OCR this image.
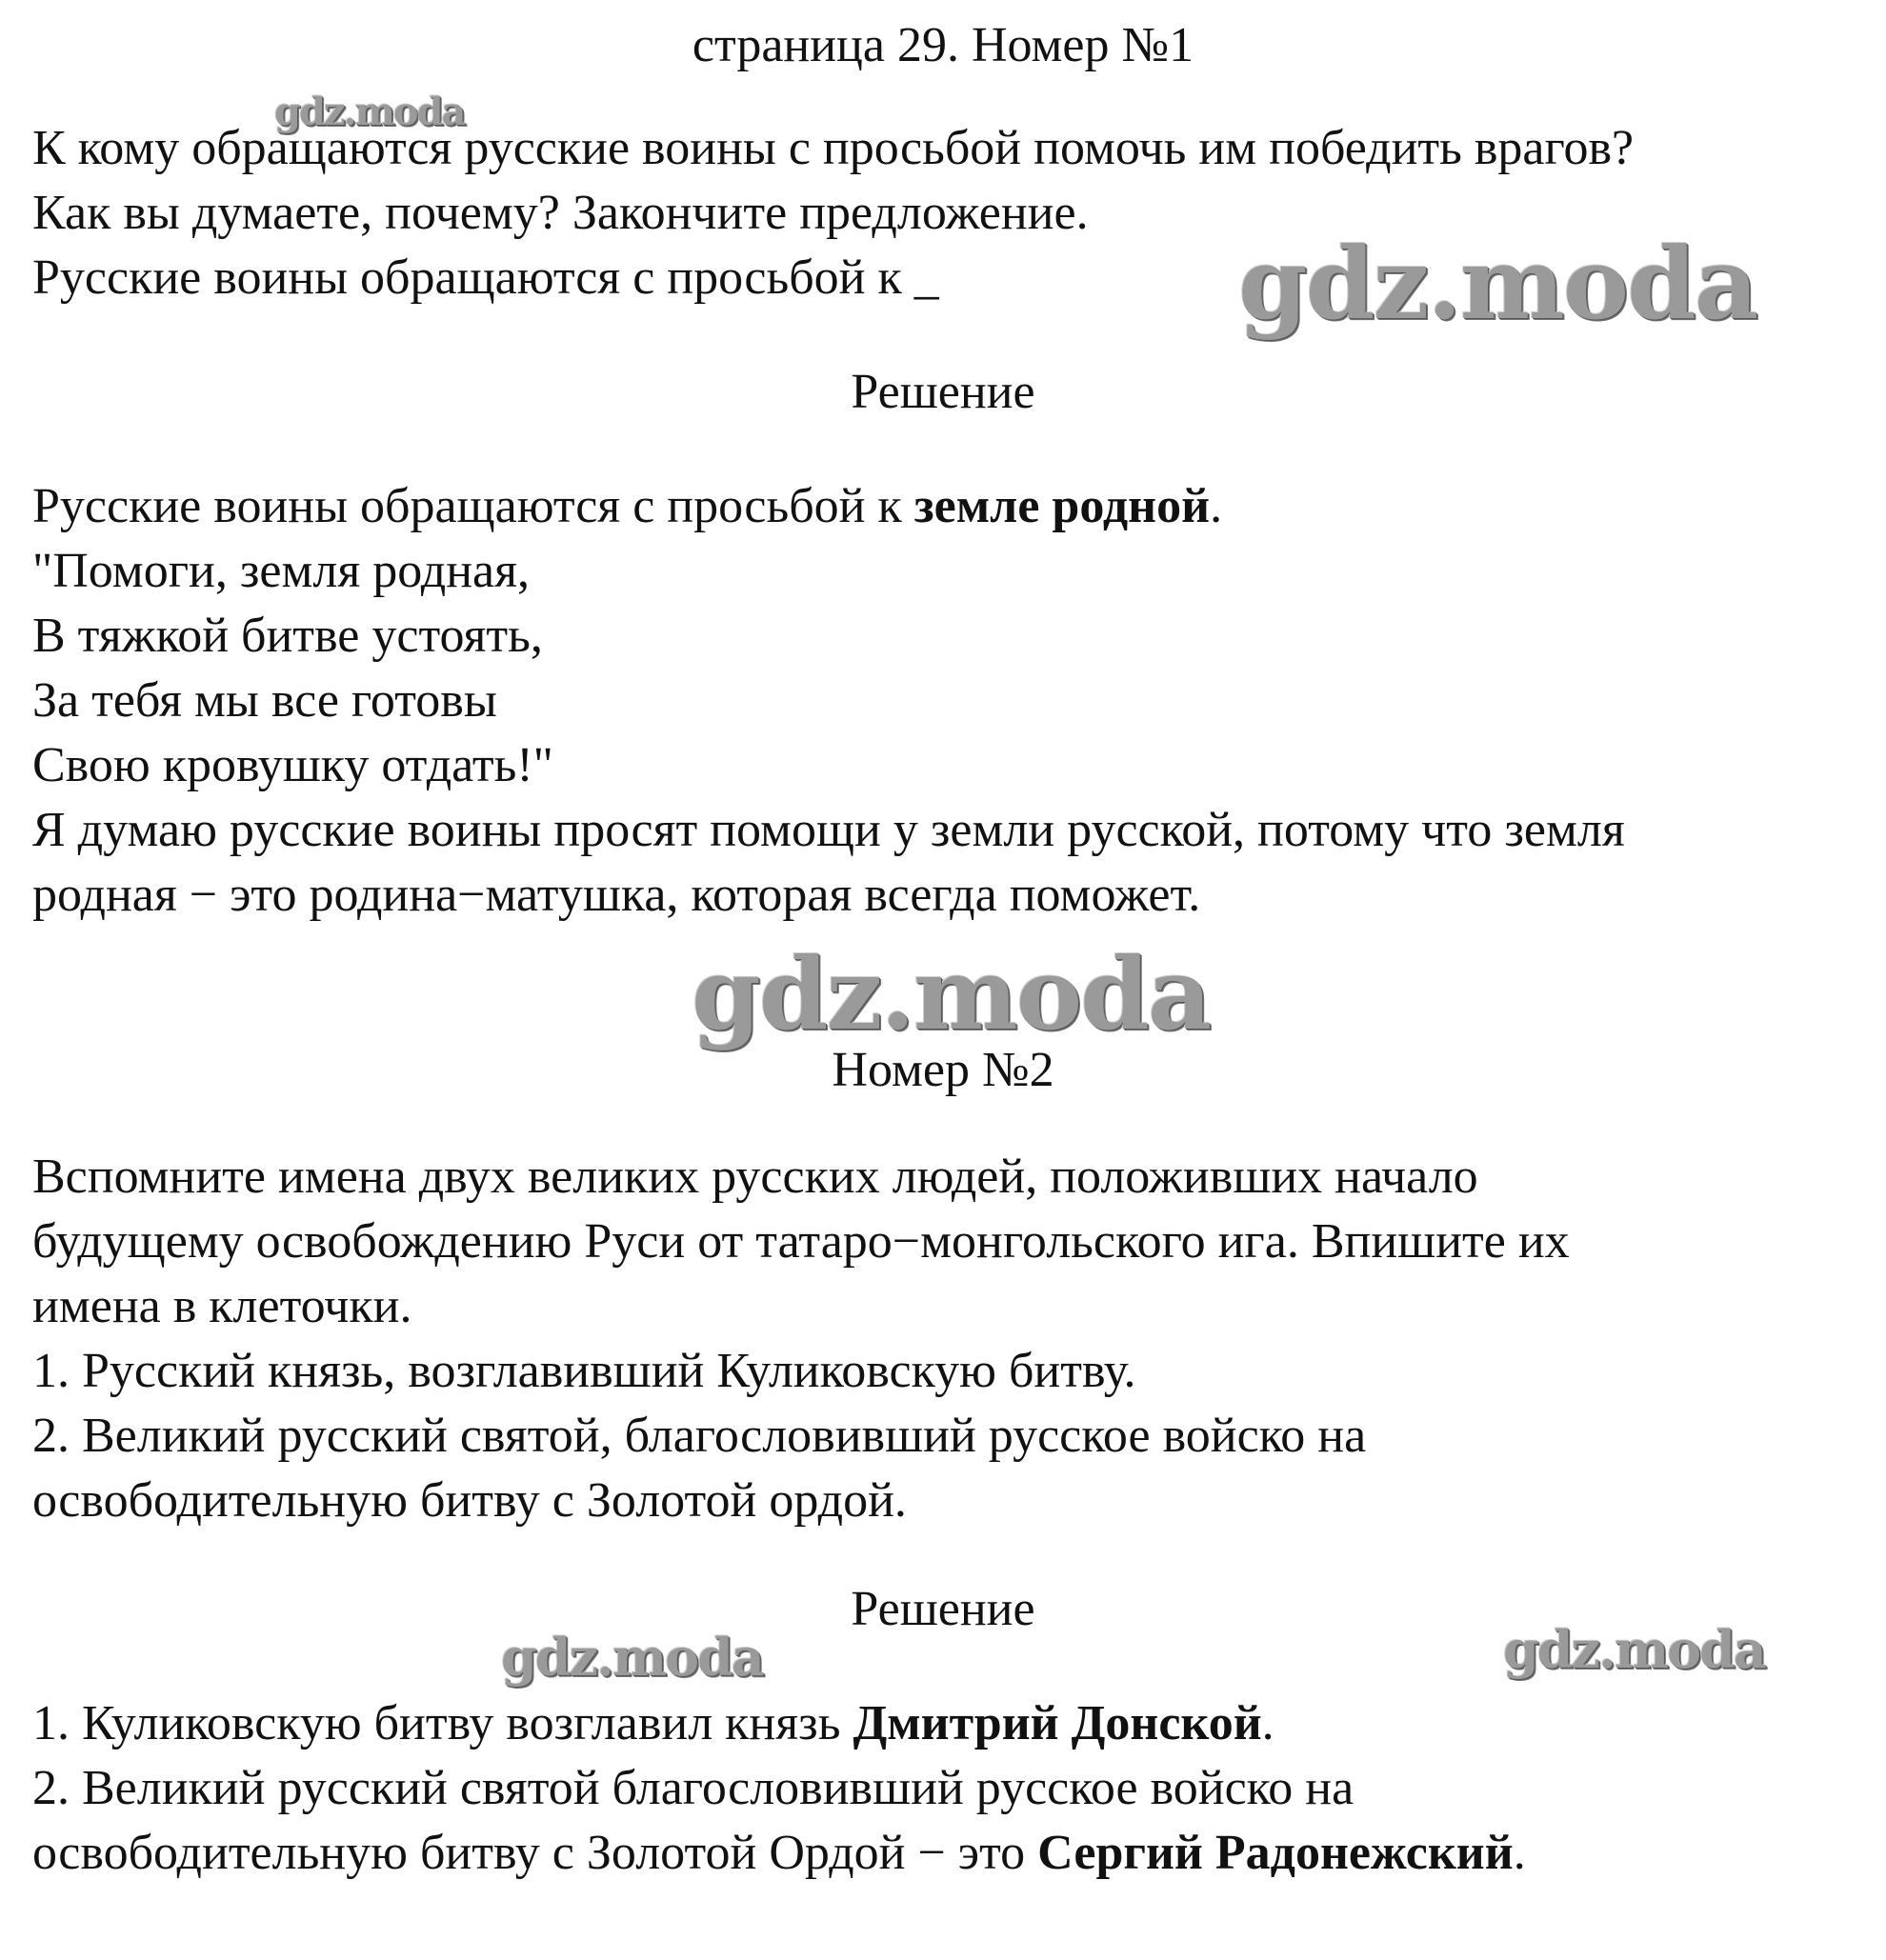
страница 29. Номер №1
К кому обращаются русские воины с просьбой помочь им победить врагов?
Как вы думаете, почему? Закончите предложение.
Русские воины обращаются с просьбой к _
Решение
Русские воины обращаются с просьбой к земле родной.
"Помоги, земля родная,
В тяжкой битве устоять,
За тебя мы все готовы
Свою кровушку отдать!"
Я думаю русские воины просят помощи у земли русской, потому что земля
родная − это родина−матушка, которая всегда поможет.
Номер №2
Вспомните имена двух великих русских людей, положивших начало
будущему освобождению Руси от татаро−монгольского ига. Впишите их
имена в клеточки.
1. Русский князь, возглавивший Куликовскую битву.
2. Великий русский святой, благословивший русское войско на
освободительную битву с Золотой ордой.
Решение
1. Куликовскую битву возглавил князь Дмитрий Донской.
2. Великий русский святой благословивший русское войско на
освободительную битву с Золотой Ордой − это Сергий Радонежский.
gdz.moda
gdz.moda
gdz.moda
gdz.moda	gdz.moda
